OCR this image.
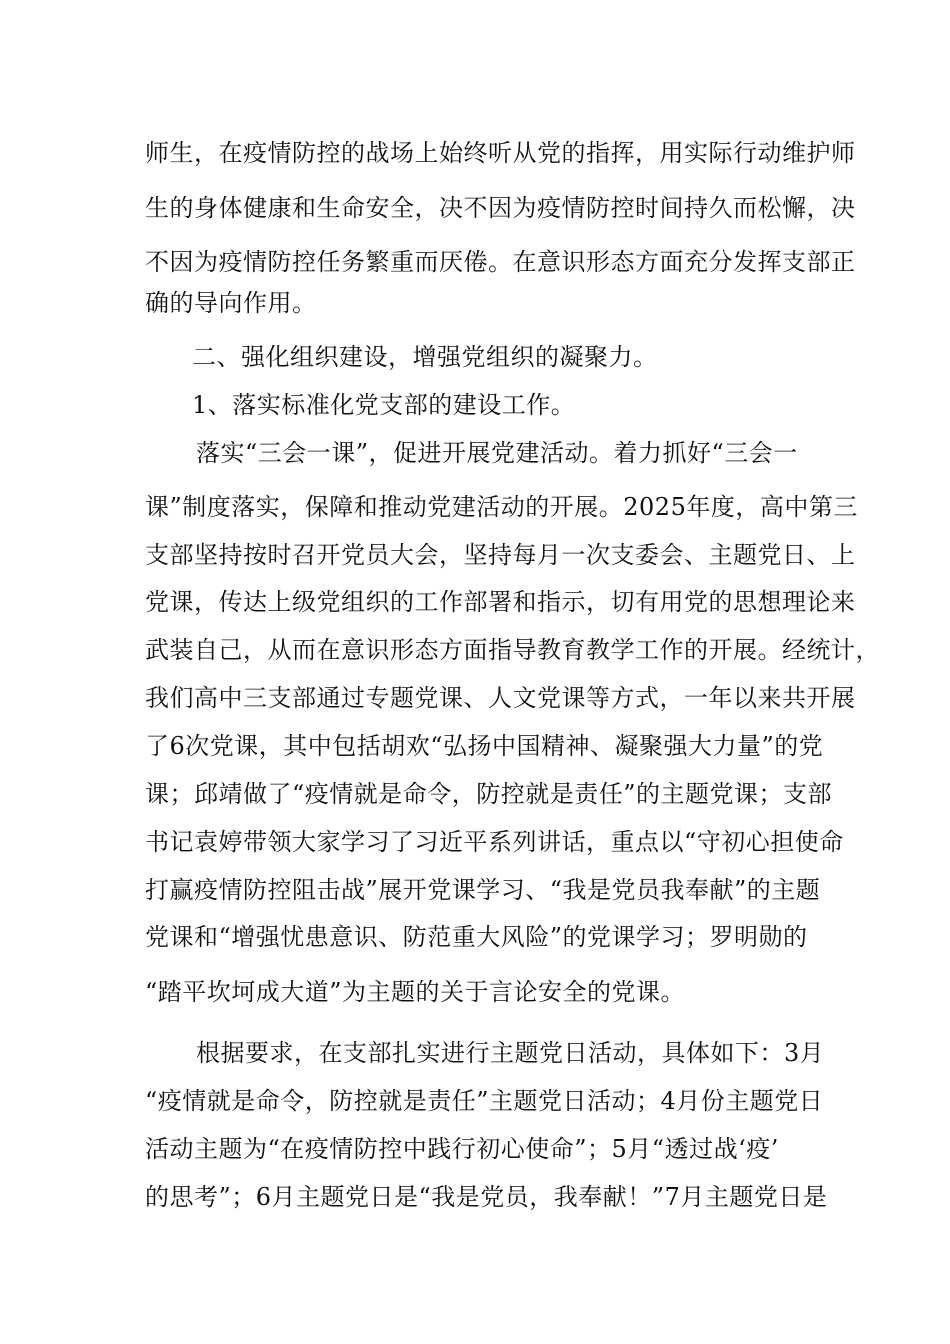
师生，在疫情防控的战场上始终听从党的指挥，用实际行动维护师
生的身体健康和生命安全，决不因为疫情防控时间持久而松懈，决
不因为疫情防控任务繁重而厌倦。在意识形态方面充分发挥支部正
确的导向作用。
二、强化组织建设，增强党组织的凝聚力。
1、落实标准化党支部的建设工作。
落实“三会一课”，促进开展党建活动。着力抓好“三会一
课”制度落实，保障和推动党建活动的开展。2025年度，高中第三
支部坚持按时召开党员大会，坚持每月一次支委会、主题党日、上
党课，传达上级党组织的工作部署和指示，切有用党的思想理论来
武装自己，从而在意识形态方面指导教育教学工作的开展。经统计，
我们高中三支部通过专题党课、人文党课等方式，一年以来共开展
了6次党课，其中包括胡欢“弘扬中国精神、凝聚强大力量”的党
课；邱靖做了“疫情就是命令，防控就是责任”的主题党课；支部
书记袁婷带领大家学习了习近平系列讲话，重点以“守初心担使命
打赢疫情防控阻击战”展开党课学习、“我是党员我奉献”的主题
党课和“增强忧患意识、防范重大风险”的党课学习；罗明勋的
“踏平坎坷成大道”为主题的关于言论安全的党课。
根据要求，在支部扎实进行主题党日活动，具体如下：3月
“疫情就是命令，防控就是责任”主题党日活动；4月份主题党日
活动主题为“在疫情防控中践行初心使命”；5月“透过战‘疫’
的思考”；6月主题党日是“我是党员，我奉献！”7月主题党日是
